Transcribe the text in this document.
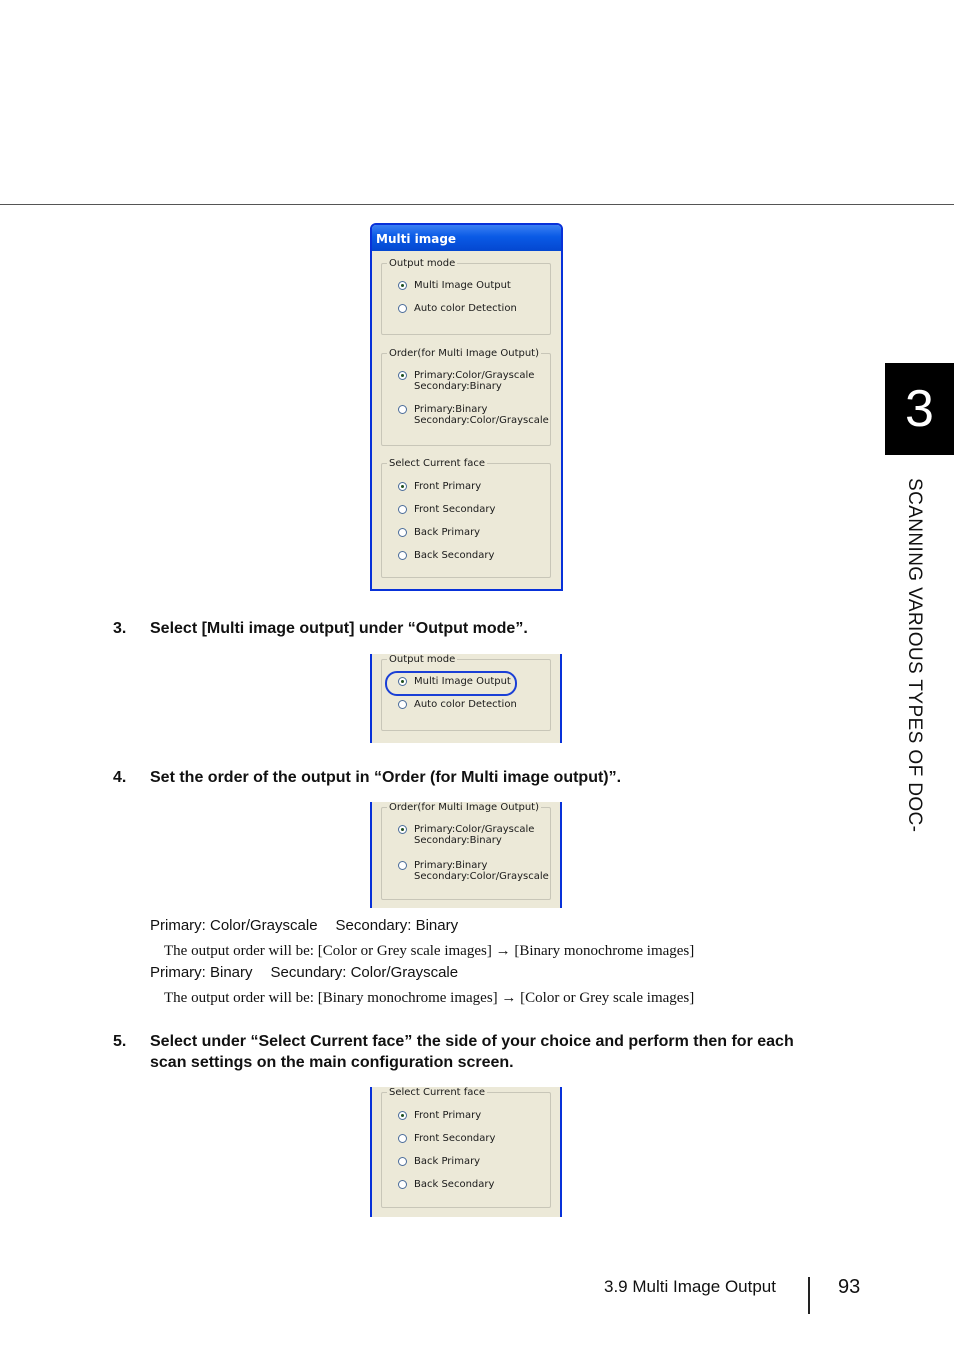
3
SCANNING VARIOUS TYPES OF DOC-
Multi image
Output mode
Multi Image Output
Auto color Detection
Order(for Multi Image Output)
Primary:Color/Grayscale
Secondary:Binary
Primary:Binary
Secondary:Color/Grayscale
Select Current face
Front Primary
Front Secondary
Back Primary
Back Secondary
3.	Select [Multi image output] under “Output mode”.
Output mode
Multi Image Output
Auto color Detection
4.	Set the order of the output in “Order (for Multi image output)”.
Order(for Multi Image Output)
Primary:Color/Grayscale
Secondary:Binary
Primary:Binary
Secondary:Color/Grayscale
Primary: Color/Grayscale Secondary: Binary
The output order will be: [Color or Grey scale images] → [Binary monochrome images]
Primary: Binary Secundary: Color/Grayscale
The output order will be: [Binary monochrome images] → [Color or Grey scale images]
5.	Select under “Select Current face” the side of your choice and perform then for each scan settings on the main configuration screen.
Select Current face
Front Primary
Front Secondary
Back Primary
Back Secondary
3.9 Multi Image Output	93
